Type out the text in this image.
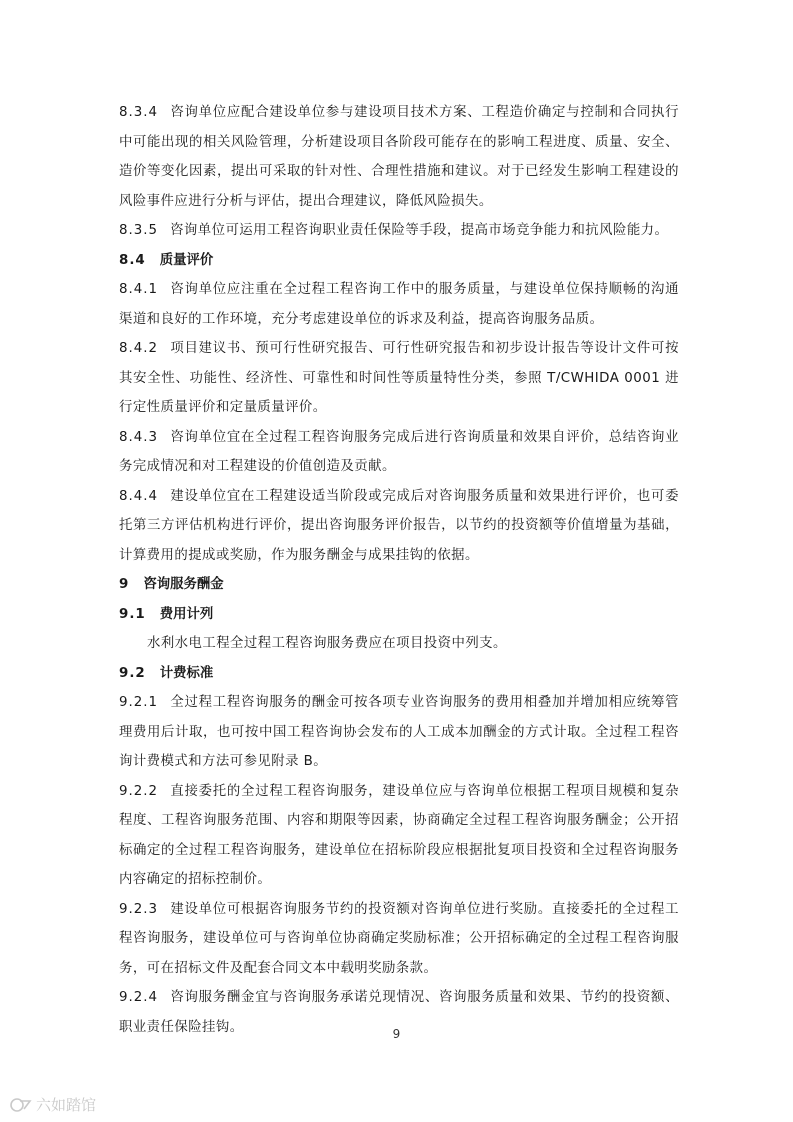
8.3.4 咨询单位应配合建设单位参与建设项目技术方案、工程造价确定与控制和合同执行中可能出现的相关风险管理，分析建设项目各阶段可能存在的影响工程进度、质量、安全、造价等变化因素，提出可采取的针对性、合理性措施和建议。对于已经发生影响工程建设的风险事件应进行分析与评估，提出合理建议，降低风险损失。

8.3.5 咨询单位可运用工程咨询职业责任保险等手段，提高市场竞争能力和抗风险能力。

8.4 质量评价

8.4.1 咨询单位应注重在全过程工程咨询工作中的服务质量，与建设单位保持顺畅的沟通渠道和良好的工作环境，充分考虑建设单位的诉求及利益，提高咨询服务品质。

8.4.2 项目建议书、预可行性研究报告、可行性研究报告和初步设计报告等设计文件可按其安全性、功能性、经济性、可靠性和时间性等质量特性分类，参照 T/CWHIDA 0001 进行定性质量评价和定量质量评价。

8.4.3 咨询单位宜在全过程工程咨询服务完成后进行咨询质量和效果自评价，总结咨询业务完成情况和对工程建设的价值创造及贡献。

8.4.4 建设单位宜在工程建设适当阶段或完成后对咨询服务质量和效果进行评价，也可委托第三方评估机构进行评价，提出咨询服务评价报告，以节约的投资额等价值增量为基础，计算费用的提成或奖励，作为服务酬金与成果挂钩的依据。

9 咨询服务酬金

9.1 费用计列

水利水电工程全过程工程咨询服务费应在项目投资中列支。

9.2 计费标准

9.2.1 全过程工程咨询服务的酬金可按各项专业咨询服务的费用相叠加并增加相应统筹管理费用后计取，也可按中国工程咨询协会发布的人工成本加酬金的方式计取。全过程工程咨询计费模式和方法可参见附录 B。

9.2.2 直接委托的全过程工程咨询服务，建设单位应与咨询单位根据工程项目规模和复杂程度、工程咨询服务范围、内容和期限等因素，协商确定全过程工程咨询服务酬金；公开招标确定的全过程工程咨询服务，建设单位在招标阶段应根据批复项目投资和全过程咨询服务内容确定的招标控制价。

9.2.3 建设单位可根据咨询服务节约的投资额对咨询单位进行奖励。直接委托的全过程工程咨询服务，建设单位可与咨询单位协商确定奖励标准；公开招标确定的全过程工程咨询服务，可在招标文件及配套合同文本中载明奖励条款。

9.2.4 咨询服务酬金宜与咨询服务承诺兑现情况、咨询服务质量和效果、节约的投资额、职业责任保险挂钩。	9
六如踏馆
